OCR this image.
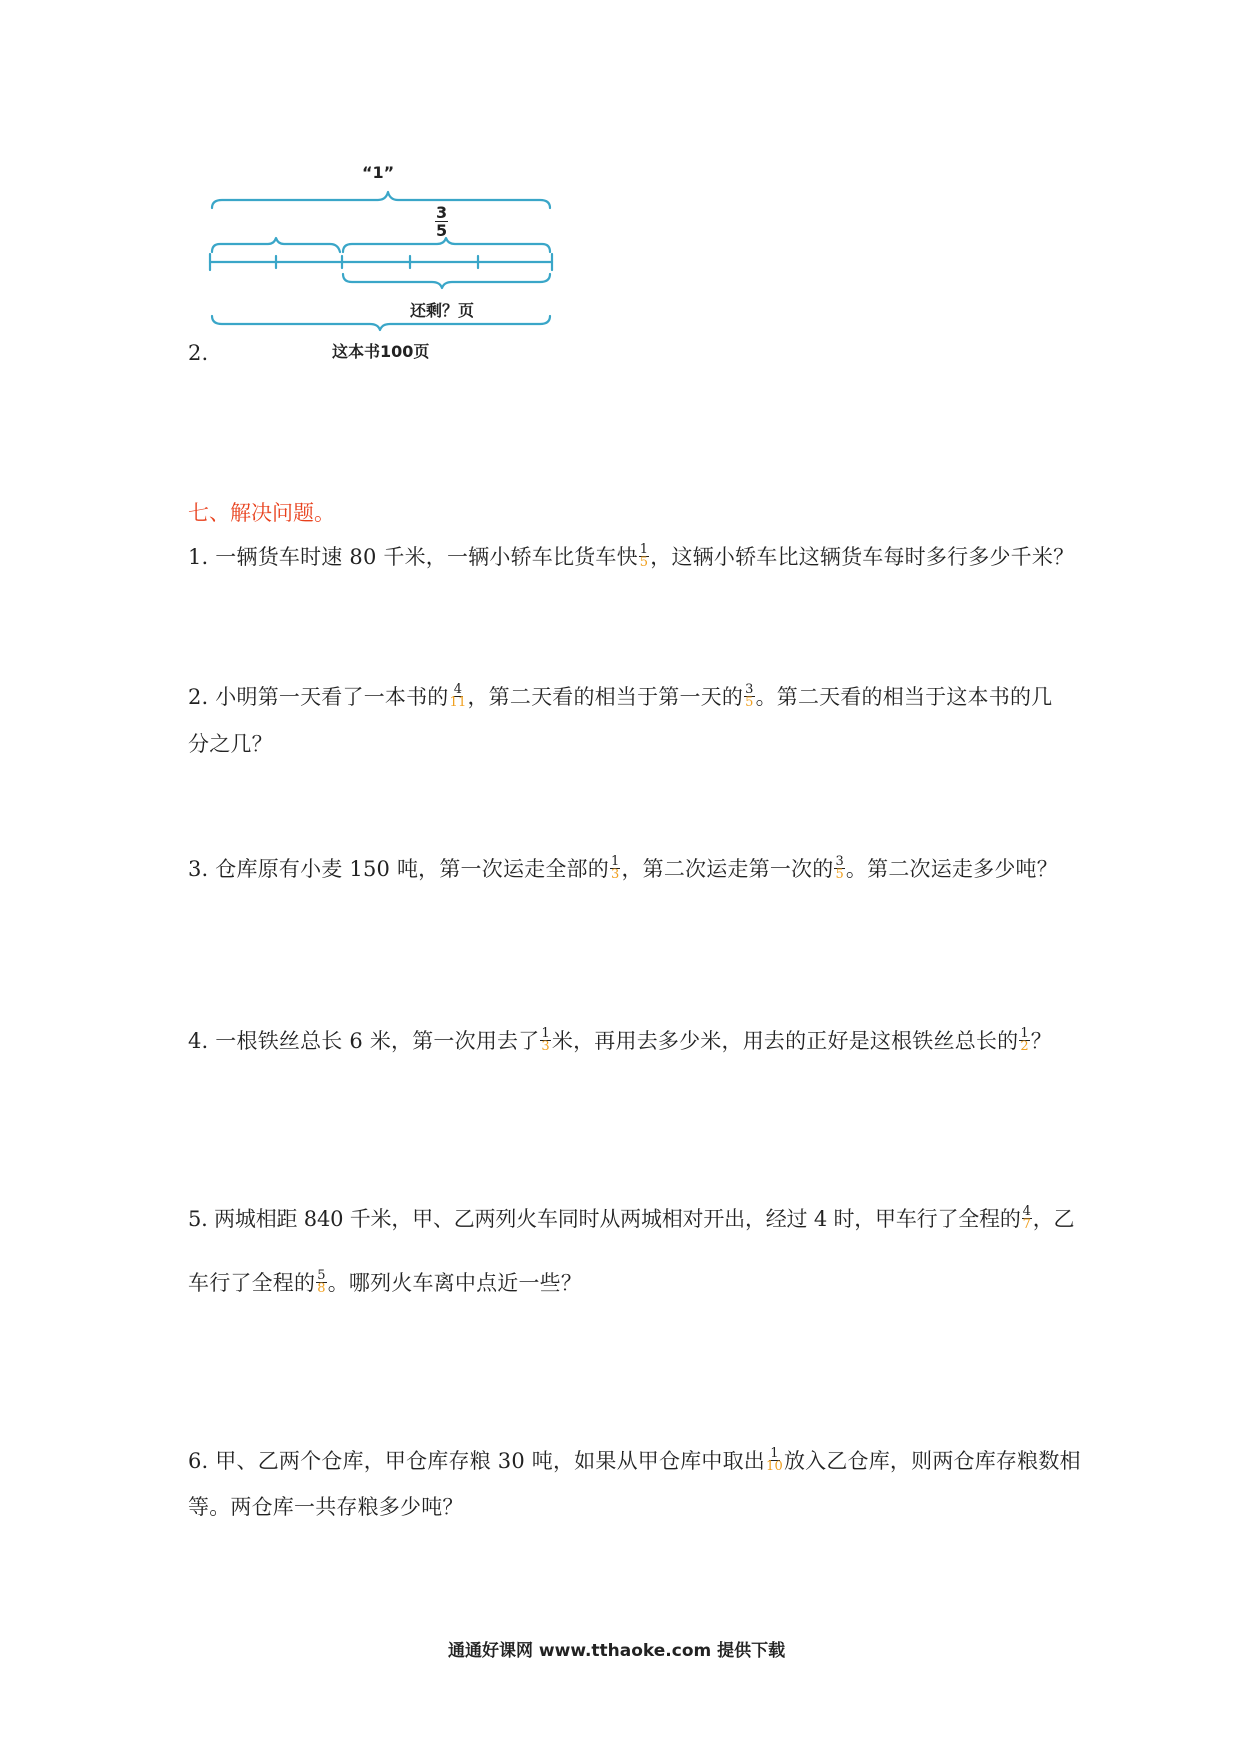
2.
“1”
$\frac{3}{5}$
还剩？页
这本书100页
七、解决问题。
1. 一辆货车时速 80 千米，一辆小轿车比货车快 $\frac{1}{5}$ ，这辆小轿车比这辆货车每时多行多少千米？
2. 小明第一天看了一本书的 $\frac{4}{11}$ ，第二天看的相当于第一天的 $\frac{3}{5}$ 。第二天看的相当于这本书的几
分之几？
3. 仓库原有小麦 150 吨，第一次运走全部的 $\frac{1}{3}$ ，第二次运走第一次的 $\frac{3}{5}$ 。第二次运走多少吨？
4. 一根铁丝总长 6 米，第一次用去了 $\frac{1}{3}$ 米，再用去多少米，用去的正好是这根铁丝总长的 $\frac{1}{2}$ ？
5. 两城相距 840 千米，甲、乙两列火车同时从两城相对开出，经过 4 时，甲车行了全程的 $\frac{4}{7}$ ，乙
车行了全程的 $\frac{5}{8}$ 。哪列火车离中点近一些？
6. 甲、乙两个仓库，甲仓库存粮 30 吨，如果从甲仓库中取出 $\frac{1}{10}$ 放入乙仓库，则两仓库存粮数相
等。两仓库一共存粮多少吨？
通通好课网 www.tthaoke.com 提供下载
